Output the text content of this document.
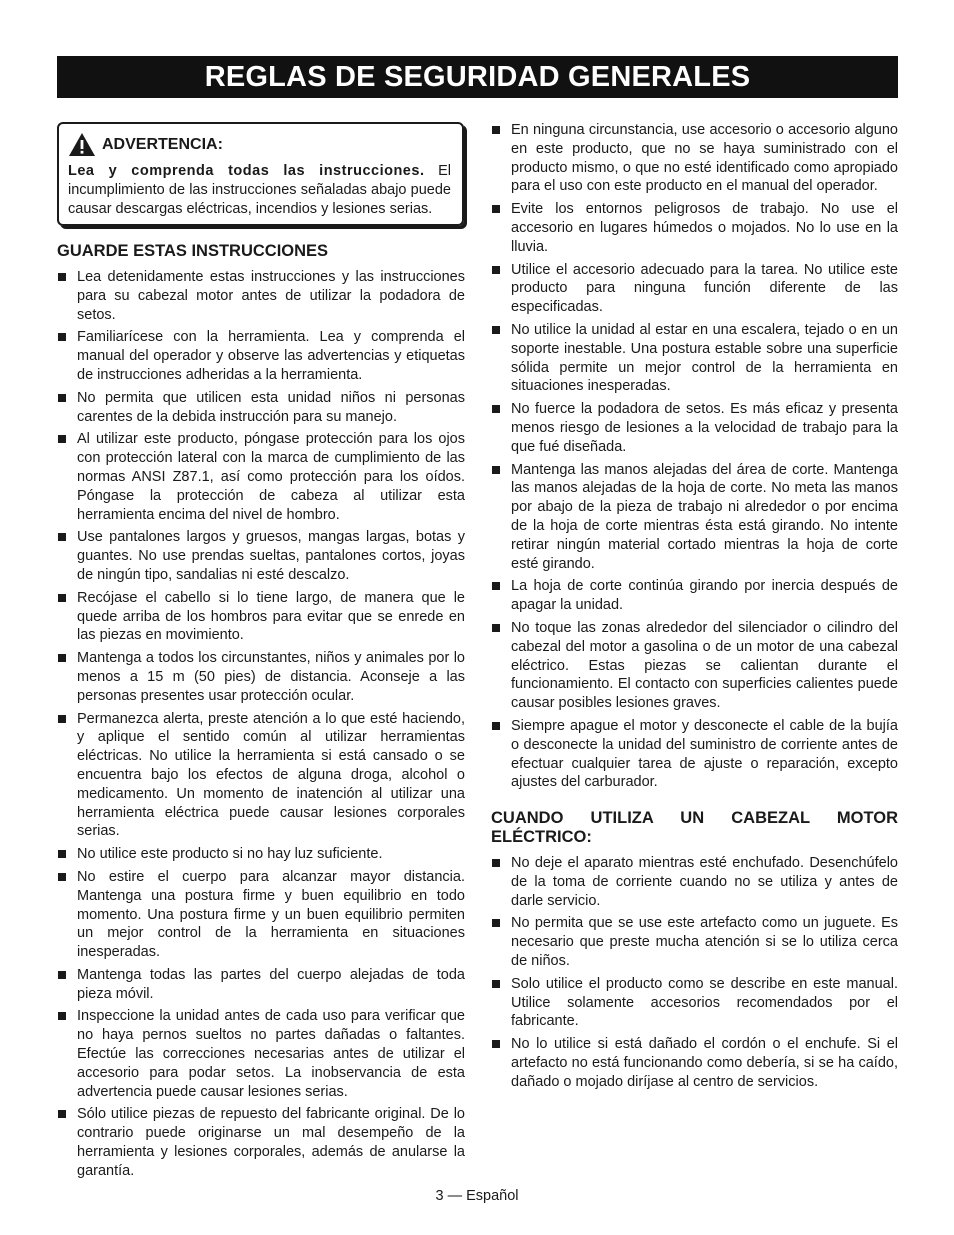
REGLAS DE SEGURIDAD GENERALES
ADVERTENCIA:
Lea y comprenda todas las instrucciones. El incumplimiento de las instrucciones señaladas abajo puede causar descargas eléctricas, incendios y lesiones serias.
GUARDE ESTAS INSTRUCCIONES
Lea detenidamente estas instrucciones y las instrucciones para su cabezal motor antes de utilizar la podadora de setos.
Familiarícese con la herramienta. Lea y comprenda el manual del operador y observe las advertencias y etiquetas de instrucciones adheridas a la herramienta.
No permita que utilicen esta unidad niños ni personas carentes de la debida instrucción para su manejo.
Al utilizar este producto, póngase protección para los ojos con protección lateral con la marca de cumplimiento de las normas ANSI Z87.1, así como protección para los oídos. Póngase la protección de cabeza al utilizar esta herramienta encima del nivel de hombro.
Use pantalones largos y gruesos, mangas largas, botas y guantes. No use prendas sueltas, pantalones cortos, joyas de ningún tipo, sandalias ni esté descalzo.
Recójase el cabello si lo tiene largo, de manera que le quede arriba de los hombros para evitar que se enrede en las piezas en movimiento.
Mantenga a todos los circunstantes, niños y animales por lo menos a 15 m (50 pies) de distancia. Aconseje a las personas presentes usar protección ocular.
Permanezca alerta, preste atención a lo que esté haciendo, y aplique el sentido común al utilizar herramientas eléctricas. No utilice la herramienta si está cansado o se encuentra bajo los efectos de alguna droga, alcohol o medicamento. Un momento de inatención al utilizar una herramienta eléctrica puede causar lesiones corporales serias.
No utilice este producto si no hay luz suficiente.
No estire el cuerpo para alcanzar mayor distancia. Mantenga una postura firme y buen equilibrio en todo momento. Una postura firme y un buen equilibrio permiten un mejor control de la herramienta en situaciones inesperadas.
Mantenga todas las partes del cuerpo alejadas de toda pieza móvil.
Inspeccione la unidad antes de cada uso para verificar que no haya pernos sueltos no partes dañadas o faltantes. Efectúe las correcciones necesarias antes de utilizar el accesorio para podar setos. La inobservancia de esta advertencia puede causar lesiones serias.
Sólo utilice piezas de repuesto del fabricante original. De lo contrario puede originarse un mal desempeño de la herramienta y lesiones corporales, además de anularse la garantía.
En ninguna circunstancia, use accesorio o accesorio alguno en este producto, que no se haya suministrado con el producto mismo, o que no esté identificado como apropiado para el uso con este producto en el manual del operador.
Evite los entornos peligrosos de trabajo. No use el accesorio en lugares húmedos o mojados. No lo use en la lluvia.
Utilice el accesorio adecuado para la tarea. No utilice este producto para ninguna función diferente de las especificadas.
No utilice la unidad al estar en una escalera, tejado o en un soporte inestable. Una postura estable sobre una superficie sólida permite un mejor control de la herramienta en situaciones inesperadas.
No fuerce la podadora de setos. Es más eficaz y presenta menos riesgo de lesiones a la velocidad de trabajo para la que fué diseñada.
Mantenga las manos alejadas del área de corte. Mantenga las manos alejadas de la hoja de corte. No meta las manos por abajo de la pieza de trabajo ni alrededor o por encima de la hoja de corte mientras ésta está girando. No intente retirar ningún material cortado mientras la hoja de corte esté girando.
La hoja de corte continúa girando por inercia después de apagar la unidad.
No toque las zonas alrededor del silenciador o cilindro del cabezal del motor a gasolina o de un motor de una cabezal eléctrico. Estas piezas se calientan durante el funcionamiento. El contacto con superficies calientes puede causar posibles lesiones graves.
Siempre apague el motor y desconecte el cable de la bujía o desconecte la unidad del suministro de corriente antes de efectuar cualquier tarea de ajuste o reparación, excepto ajustes del carburador.
CUANDO UTILIZA UN CABEZAL MOTOR ELÉCTRICO:
No deje el aparato mientras esté enchufado. Desenchúfelo de la toma de corriente cuando no se utiliza y antes de darle servicio.
No permita que se use este artefacto como un juguete. Es necesario que preste mucha atención si se lo utiliza cerca de niños.
Solo utilice el producto como se describe en este manual. Utilice solamente accesorios recomendados por el fabricante.
No lo utilice si está dañado el cordón o el enchufe. Si el artefacto no está funcionando como debería, si se ha caído, dañado o mojado diríjase al centro de servicios.
3 — Español
